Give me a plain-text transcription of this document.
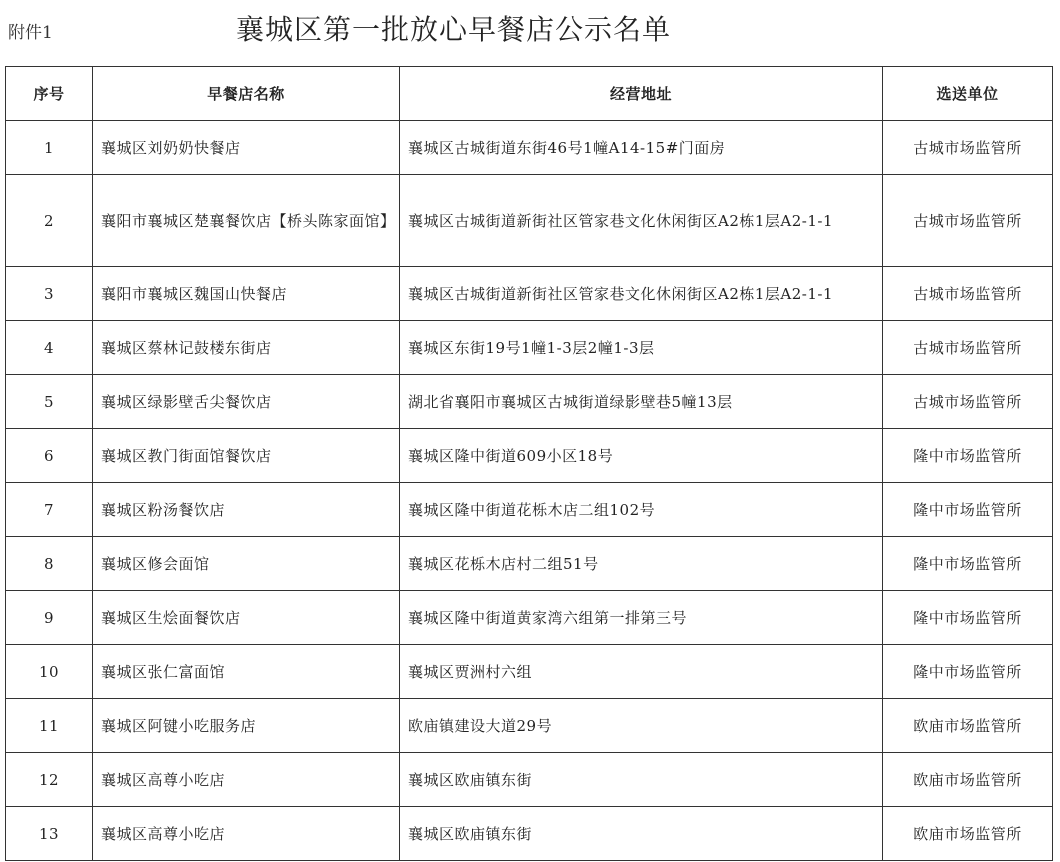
附件1	襄城区第一批放心早餐店公示名单
序号	早餐店名称	经营地址	选送单位
1	襄城区刘奶奶快餐店	襄城区古城街道东街46号1幢A14-15#门面房	古城市场监管所
2	襄阳市襄城区楚襄餐饮店【桥头陈家面馆】	襄城区古城街道新街社区管家巷文化休闲街区A2栋1层A2-1-1	古城市场监管所
3	襄阳市襄城区魏国山快餐店	襄城区古城街道新街社区管家巷文化休闲街区A2栋1层A2-1-1	古城市场监管所
4	襄城区蔡林记鼓楼东街店	襄城区东街19号1幢1-3层2幢1-3层	古城市场监管所
5	襄城区绿影壁舌尖餐饮店	湖北省襄阳市襄城区古城街道绿影壁巷5幢13层	古城市场监管所
6	襄城区教门街面馆餐饮店	襄城区隆中街道609小区18号	隆中市场监管所
7	襄城区粉汤餐饮店	襄城区隆中街道花栎木店二组102号	隆中市场监管所
8	襄城区修会面馆	襄城区花栎木店村二组51号	隆中市场监管所
9	襄城区生烩面餐饮店	襄城区隆中街道黄家湾六组第一排第三号	隆中市场监管所
10	襄城区张仁富面馆	襄城区贾洲村六组	隆中市场监管所
11	襄城区阿键小吃服务店	欧庙镇建设大道29号	欧庙市场监管所
12	襄城区高尊小吃店	襄城区欧庙镇东街	欧庙市场监管所
13	襄城区高尊小吃店	襄城区欧庙镇东街	欧庙市场监管所
